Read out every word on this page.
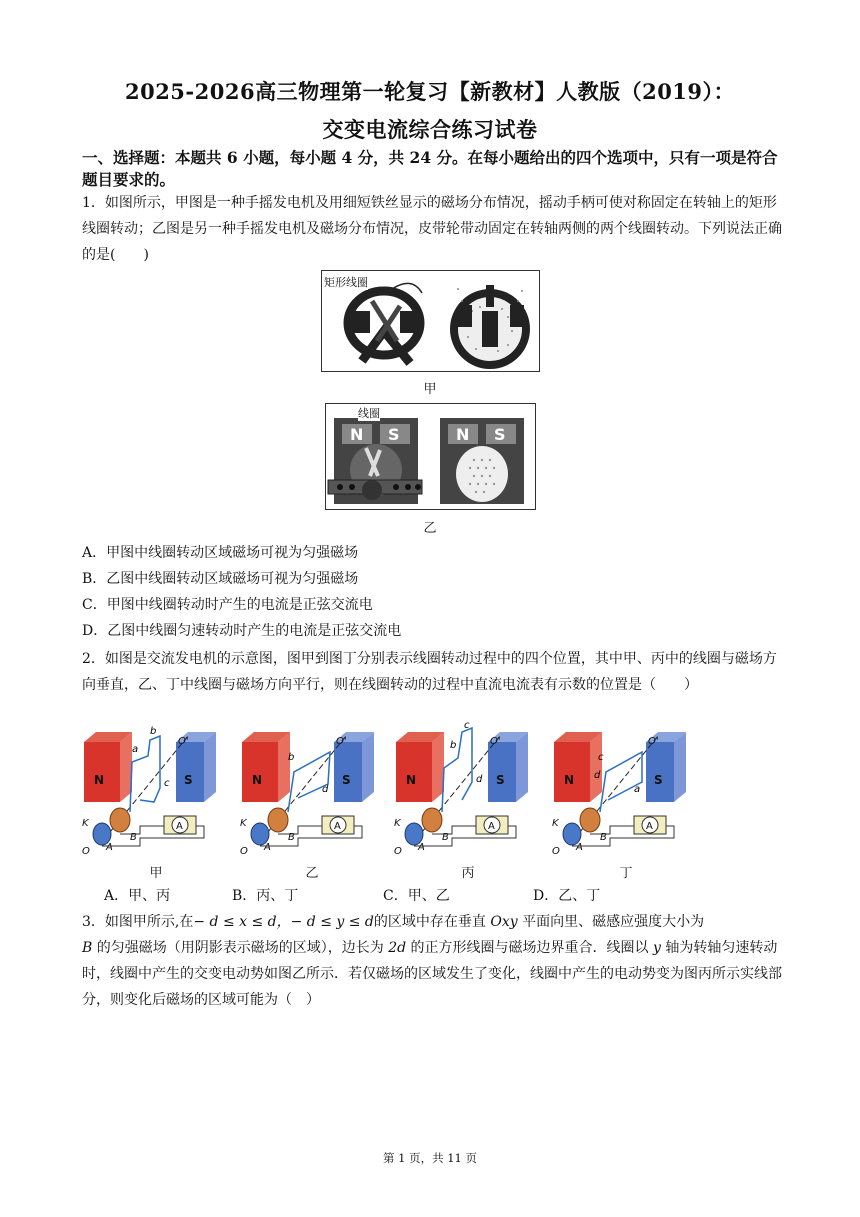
2025-2026高三物理第一轮复习【新教材】人教版（2019）：
交变电流综合练习试卷
一、选择题：本题共 6 小题，每小题 4 分，共 24 分。在每小题给出的四个选项中，只有一项是符合题目要求的。
1．如图所示，甲图是一种手摇发电机及用细短铁丝显示的磁场分布情况，摇动手柄可使对称固定在转轴上的矩形线圈转动；乙图是另一种手摇发电机及磁场分布情况，皮带轮带动固定在转轴两侧的两个线圈转动。下列说法正确的是(　　)
矩形线圈
甲
N S	N S
线圈
乙
A．甲图中线圈转动区域磁场可视为匀强磁场
B．乙图中线圈转动区域磁场可视为匀强磁场
C．甲图中线圈转动时产生的电流是正弦交流电
D．乙图中线圈匀速转动时产生的电流是正弦交流电
2．如图是交流发电机的示意图，图甲到图丁分别表示线圈转动过程中的四个位置，其中甲、丙中的线圈与磁场方向垂直，乙、丁中线圈与磁场方向平行，则在线圈转动的过程中直流电流表有示数的位置是（　　）
a
b
c
b
d
c
b
d
c
d
a
甲	乙	丙	丁
A．甲、丙	B．丙、丁	C．甲、乙	D．乙、丁
3．如图甲所示,在− d ≤ x ≤ d，− d ≤ y ≤ d的区域中存在垂直 Oxy 平面向里、磁感应强度大小为
B 的匀强磁场（用阴影表示磁场的区域），边长为 2d 的正方形线圈与磁场边界重合．线圈以 y 轴为转轴匀速转动时，线圈中产生的交变电动势如图乙所示．若仅磁场的区域发生了变化，线圈中产生的电动势变为图丙所示实线部分，则变化后磁场的区域可能为（　）
第 1 页，共 11 页
